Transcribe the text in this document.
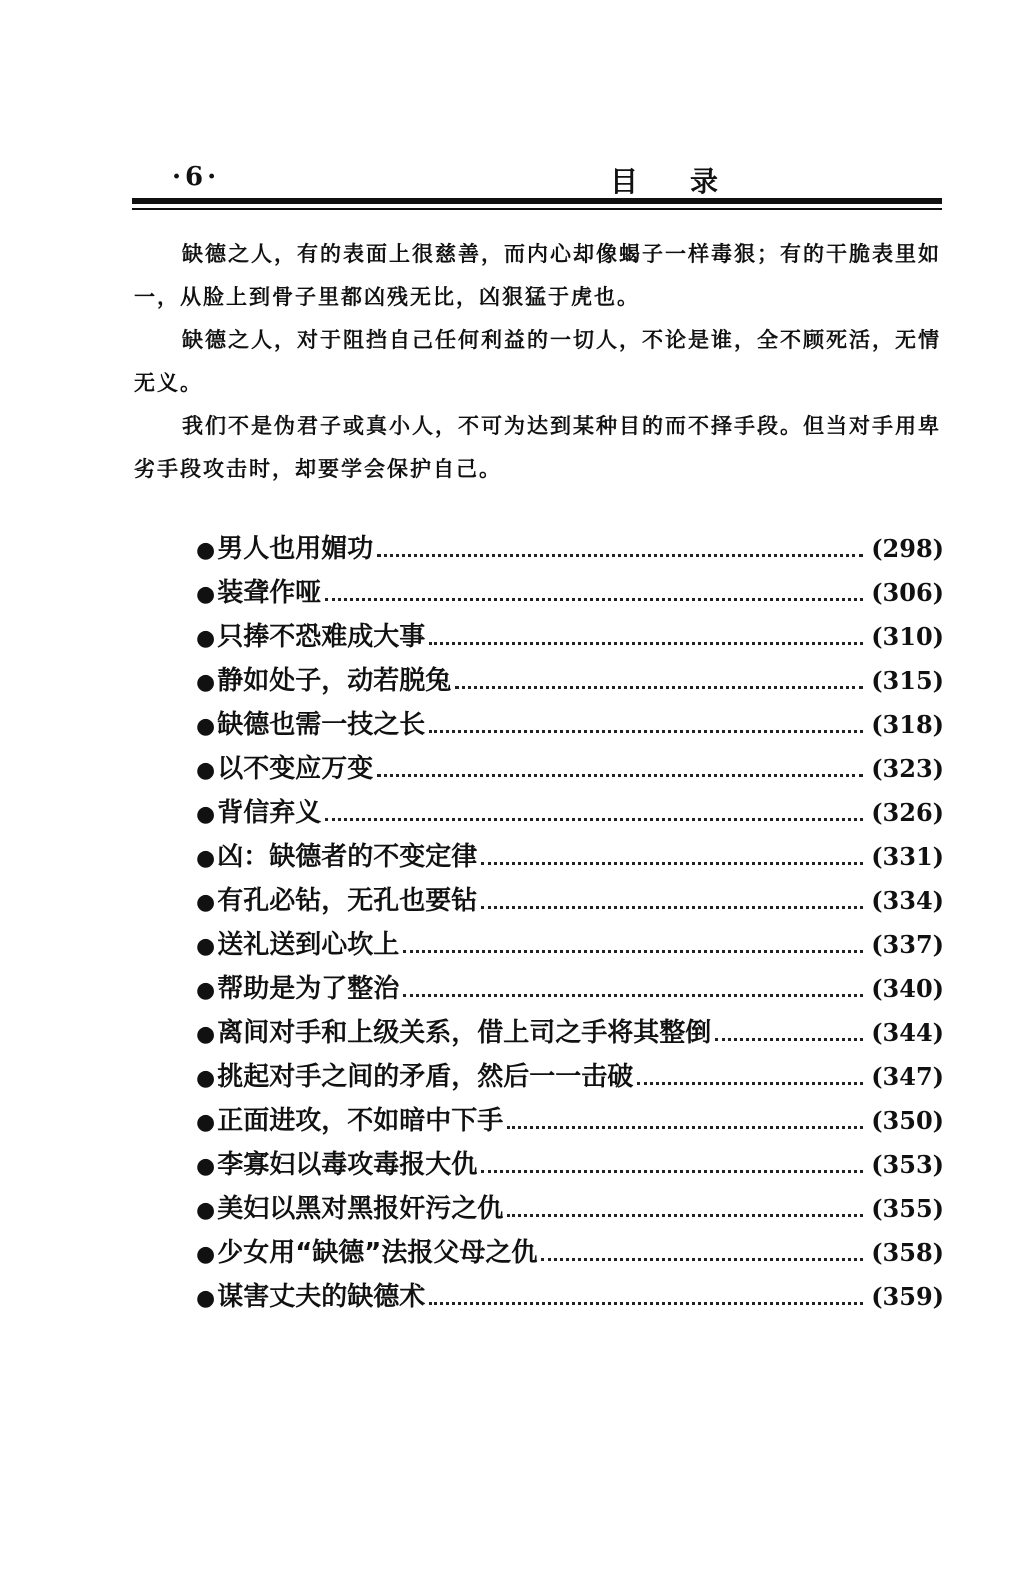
·6·	目录

缺德之人，有的表面上很慈善，而内心却像蝎子一样毒狠；有的干脆表里如一，从脸上到骨子里都凶残无比，凶狠猛于虎也。

缺德之人，对于阻挡自己任何利益的一切人，不论是谁，全不顾死活，无情无义。

我们不是伪君子或真小人，不可为达到某种目的而不择手段。但当对手用卑劣手段攻击时，却要学会保护自己。

● 男人也用媚功	(298)
● 装聋作哑	(306)
● 只捧不恐难成大事	(310)
● 静如处子，动若脱兔	(315)
● 缺德也需一技之长	(318)
● 以不变应万变	(323)
● 背信弃义	(326)
● 凶：缺德者的不变定律	(331)
● 有孔必钻，无孔也要钻	(334)
● 送礼送到心坎上	(337)
● 帮助是为了整治	(340)
● 离间对手和上级关系，借上司之手将其整倒	(344)
● 挑起对手之间的矛盾，然后一一击破	(347)
● 正面进攻，不如暗中下手	(350)
● 李寡妇以毒攻毒报大仇	(353)
● 美妇以黑对黑报奸污之仇	(355)
● 少女用“缺德”法报父母之仇	(358)
● 谋害丈夫的缺德术	(359)
